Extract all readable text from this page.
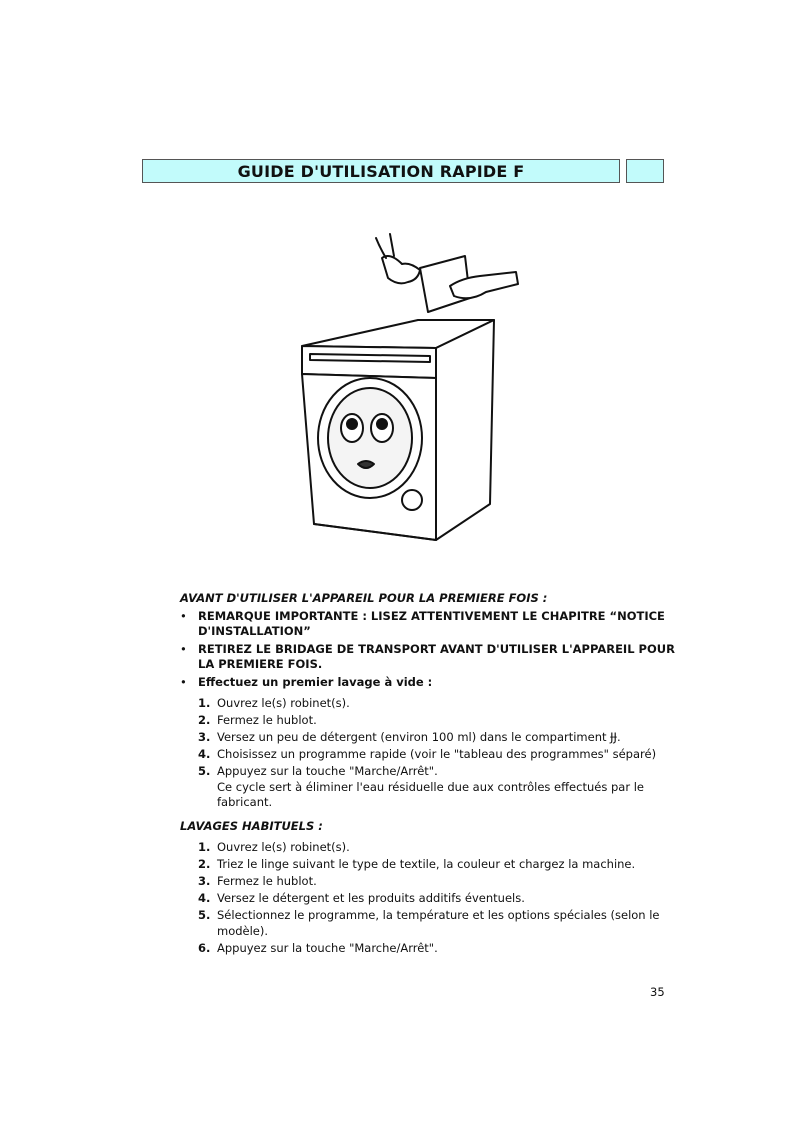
GUIDE D'UTILISATION RAPIDE F

AVANT D'UTILISER L'APPAREIL POUR LA PREMIERE FOIS :

• REMARQUE IMPORTANTE : LISEZ ATTENTIVEMENT LE CHAPITRE “NOTICE D'INSTALLATION”
• RETIREZ LE BRIDAGE DE TRANSPORT AVANT D'UTILISER L'APPAREIL POUR LA PREMIERE FOIS.
• Effectuez un premier lavage à vide :
1. Ouvrez le(s) robinet(s).
2. Fermez le hublot.
3. Versez un peu de détergent (environ 100 ml) dans le compartiment ɈɈ.
4. Choisissez un programme rapide (voir le "tableau des programmes" séparé)
5. Appuyez sur la touche "Marche/Arrêt".
Ce cycle sert à éliminer l'eau résiduelle due aux contrôles effectués par le fabricant.

LAVAGES HABITUELS :

1. Ouvrez le(s) robinet(s).
2. Triez le linge suivant le type de textile, la couleur et chargez la machine.
3. Fermez le hublot.
4. Versez le détergent et les produits additifs éventuels.
5. Sélectionnez le programme, la température et les options spéciales (selon le modèle).
6. Appuyez sur la touche "Marche/Arrêt".
35
